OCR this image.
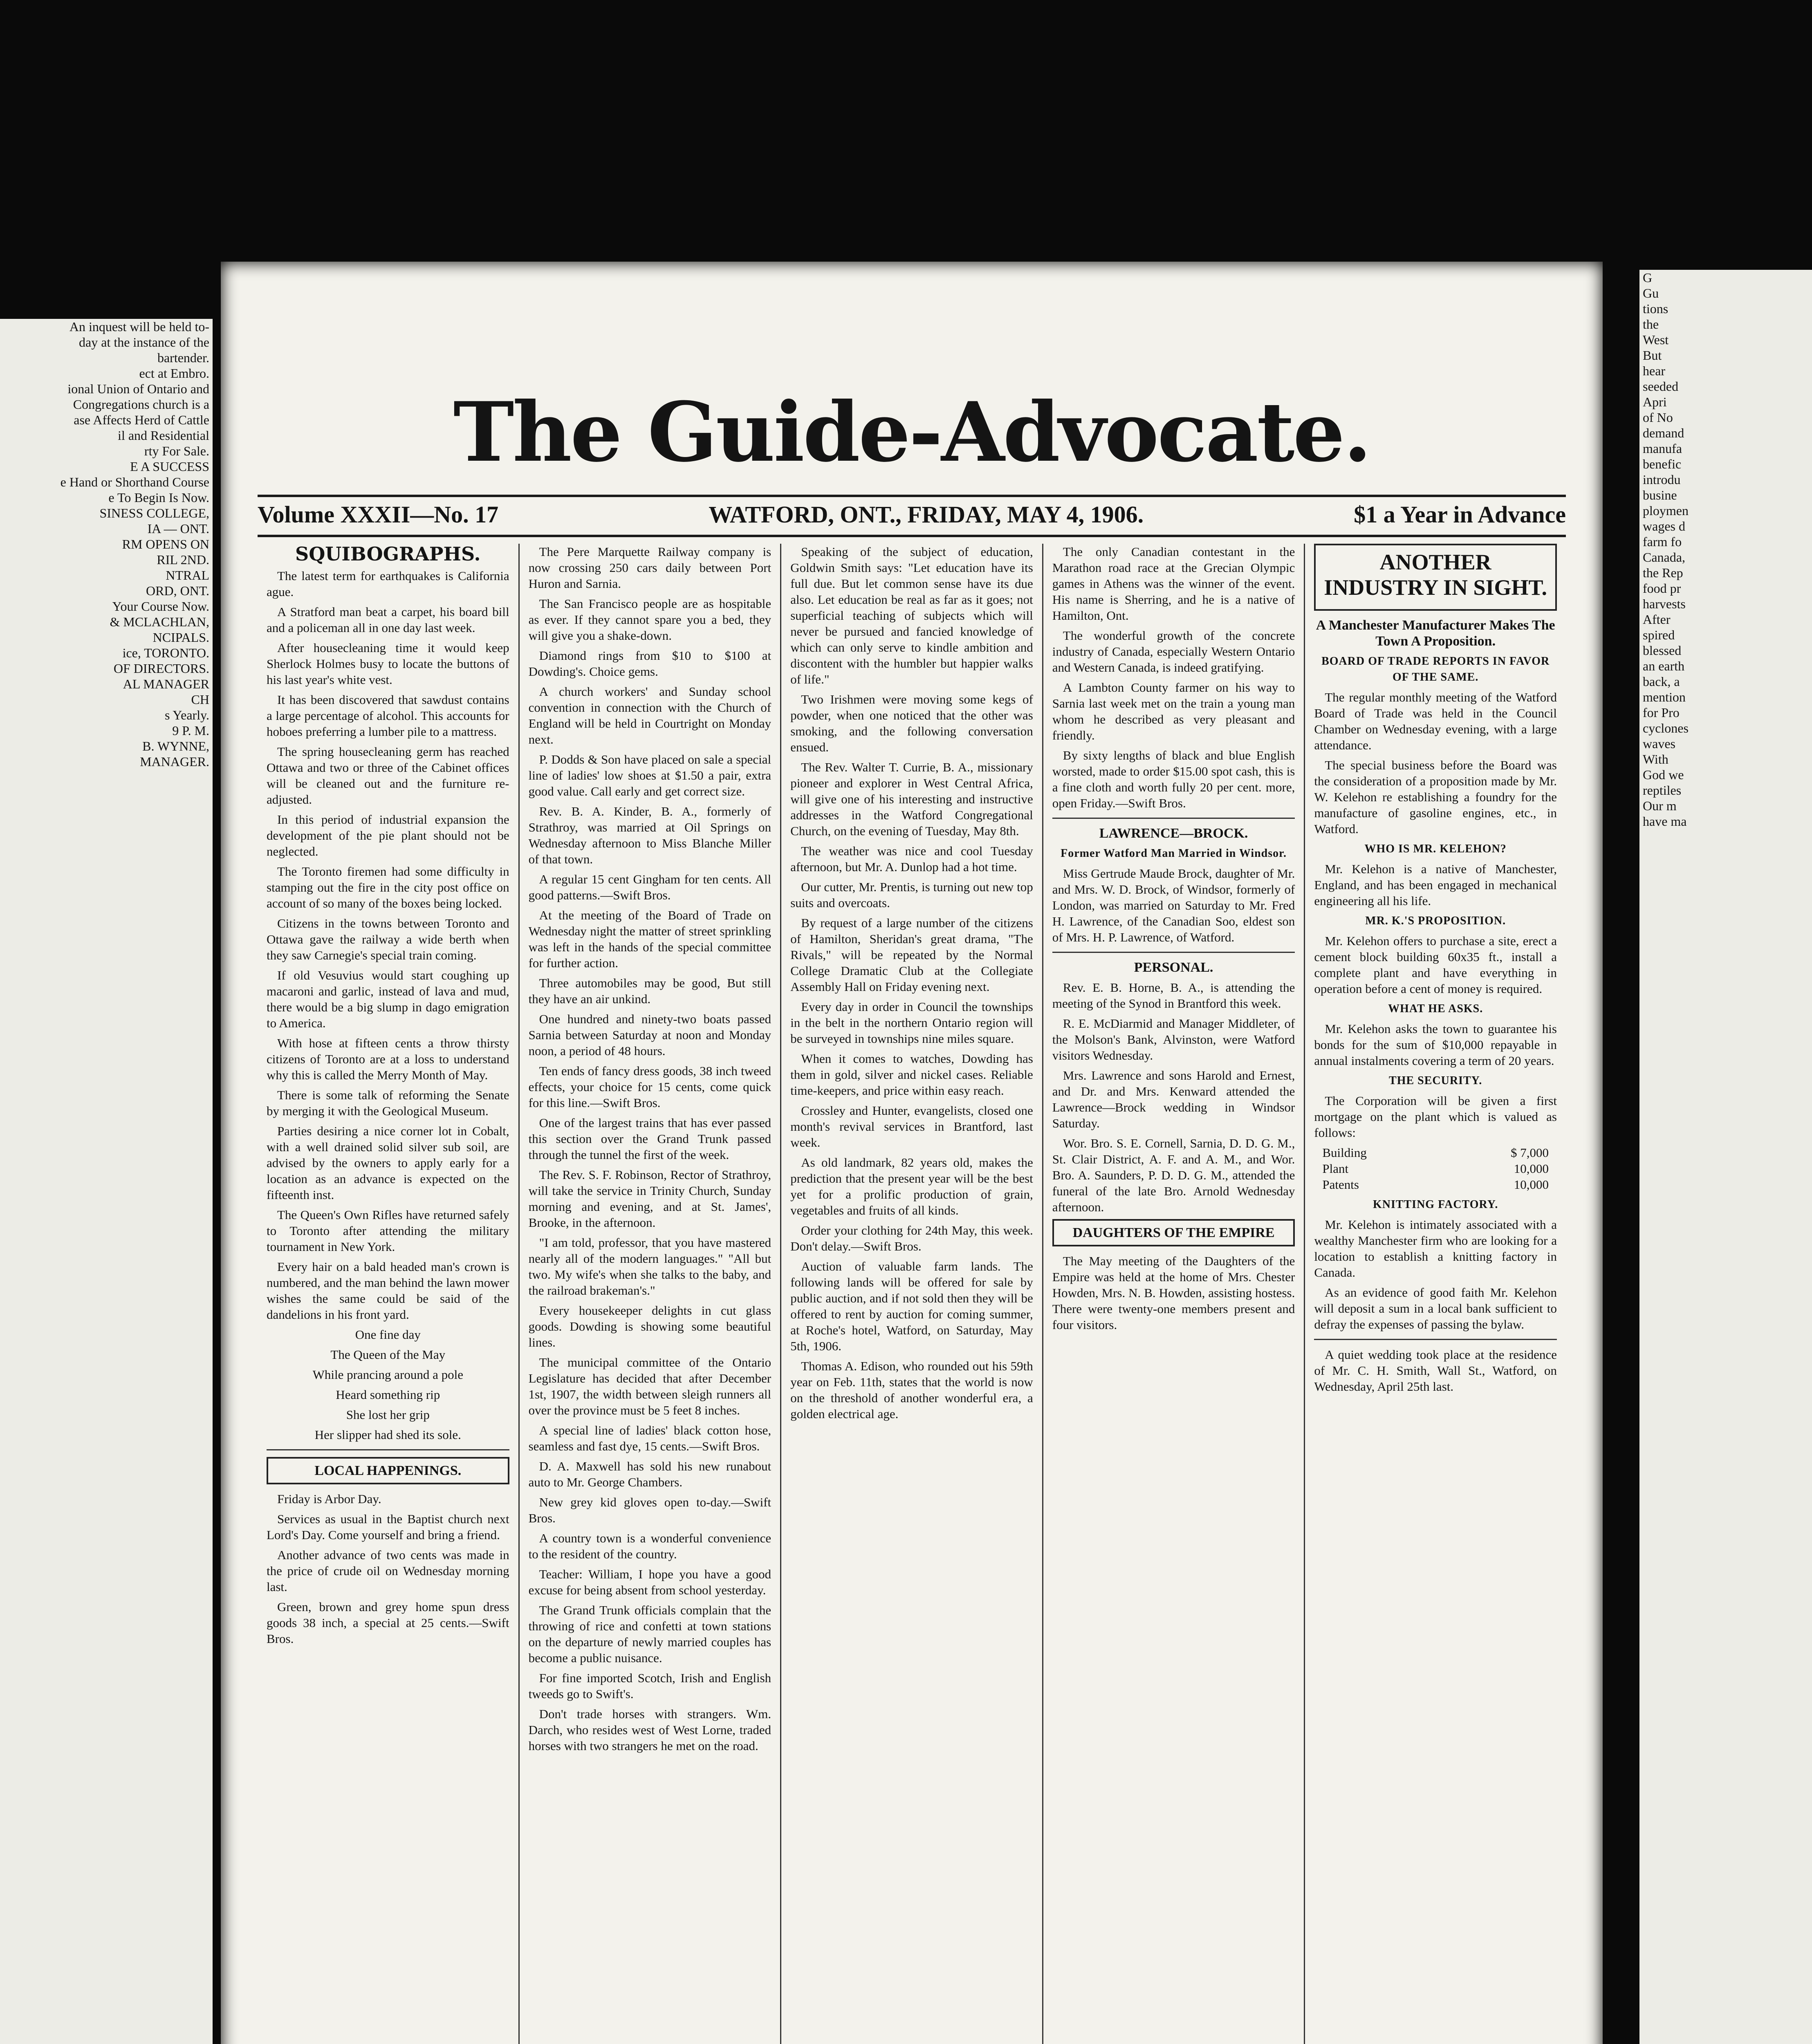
An inquest will be held to-

day at the instance of the

bartender.

ect at Embro.

ional Union of Ontario and

Congregations church is a

ase Affects Herd of Cattle

il and Residential

rty For Sale.

E A SUCCESS

e Hand or Shorthand Course

e To Begin Is Now.

SINESS COLLEGE,

IA — ONT.

RM OPENS ON

RIL 2ND.

NTRAL

ORD, ONT.

Your Course Now.

& MCLACHLAN,

NCIPALS.

ice, TORONTO.

OF DIRECTORS.

AL MANAGER

CH

s Yearly.

9 P. M.

B. WYNNE,

MANAGER.

The Guide-Advocate.
Volume XXXII—No. 17	WATFORD, ONT., FRIDAY, MAY 4, 1906.	$1 a Year in Advance
SQUIBOGRAPHS.

The latest term for earthquakes is California ague.

A Stratford man beat a carpet, his board bill and a policeman all in one day last week.

After housecleaning time it would keep Sherlock Holmes busy to locate the buttons of his last year's white vest.

It has been discovered that sawdust contains a large percentage of alcohol. This accounts for hoboes preferring a lumber pile to a mattress.

The spring housecleaning germ has reached Ottawa and two or three of the Cabinet offices will be cleaned out and the furniture re-adjusted.

In this period of industrial expansion the development of the pie plant should not be neglected.

The Toronto firemen had some difficulty in stamping out the fire in the city post office on account of so many of the boxes being locked.

Citizens in the towns between Toronto and Ottawa gave the railway a wide berth when they saw Carnegie's special train coming.

If old Vesuvius would start coughing up macaroni and garlic, instead of lava and mud, there would be a big slump in dago emigration to America.

With hose at fifteen cents a throw thirsty citizens of Toronto are at a loss to understand why this is called the Merry Month of May.

There is some talk of reforming the Senate by merging it with the Geological Museum.

Parties desiring a nice corner lot in Cobalt, with a well drained solid silver sub soil, are advised by the owners to apply early for a location as an advance is expected on the fifteenth inst.

The Queen's Own Rifles have returned safely to Toronto after attending the military tournament in New York.

Every hair on a bald headed man's crown is numbered, and the man behind the lawn mower wishes the same could be said of the dandelions in his front yard.

One fine day

The Queen of the May

While prancing around a pole

Heard something rip

She lost her grip

Her slipper had shed its sole.

LOCAL HAPPENINGS.

Friday is Arbor Day.

Services as usual in the Baptist church next Lord's Day. Come yourself and bring a friend.

Another advance of two cents was made in the price of crude oil on Wednesday morning last.

Green, brown and grey home spun dress goods 38 inch, a special at 25 cents.—Swift Bros.

The Pere Marquette Railway company is now crossing 250 cars daily between Port Huron and Sarnia.

The San Francisco people are as hospitable as ever. If they cannot spare you a bed, they will give you a shake-down.

Diamond rings from $10 to $100 at Dowding's. Choice gems.

A church workers' and Sunday school convention in connection with the Church of England will be held in Courtright on Monday next.

P. Dodds & Son have placed on sale a special line of ladies' low shoes at $1.50 a pair, extra good value. Call early and get correct size.

Rev. B. A. Kinder, B. A., formerly of Strathroy, was married at Oil Springs on Wednesday afternoon to Miss Blanche Miller of that town.

A regular 15 cent Gingham for ten cents. All good patterns.—Swift Bros.

At the meeting of the Board of Trade on Wednesday night the matter of street sprinkling was left in the hands of the special committee for further action.

Three automobiles may be good, But still they have an air unkind.

One hundred and ninety-two boats passed Sarnia between Saturday at noon and Monday noon, a period of 48 hours.

Ten ends of fancy dress goods, 38 inch tweed effects, your choice for 15 cents, come quick for this line.—Swift Bros.

One of the largest trains that has ever passed this section over the Grand Trunk passed through the tunnel the first of the week.

The Rev. S. F. Robinson, Rector of Strathroy, will take the service in Trinity Church, Sunday morning and evening, and at St. James', Brooke, in the afternoon.

"I am told, professor, that you have mastered nearly all of the modern languages." "All but two. My wife's when she talks to the baby, and the railroad brakeman's."

Every housekeeper delights in cut glass goods. Dowding is showing some beautiful lines.

The municipal committee of the Ontario Legislature has decided that after December 1st, 1907, the width between sleigh runners all over the province must be 5 feet 8 inches.

A special line of ladies' black cotton hose, seamless and fast dye, 15 cents.—Swift Bros.

D. A. Maxwell has sold his new runabout auto to Mr. George Chambers.

New grey kid gloves open to-day.—Swift Bros.

A country town is a wonderful convenience to the resident of the country.

Teacher: William, I hope you have a good excuse for being absent from school yesterday.

The Grand Trunk officials complain that the throwing of rice and confetti at town stations on the departure of newly married couples has become a public nuisance.

For fine imported Scotch, Irish and English tweeds go to Swift's.

Don't trade horses with strangers. Wm. Darch, who resides west of West Lorne, traded horses with two strangers he met on the road.

Speaking of the subject of education, Goldwin Smith says: "Let education have its full due. But let common sense have its due also. Let education be real as far as it goes; not superficial teaching of subjects which will never be pursued and fancied knowledge of which can only serve to kindle ambition and discontent with the humbler but happier walks of life."

Two Irishmen were moving some kegs of powder, when one noticed that the other was smoking, and the following conversation ensued.

The Rev. Walter T. Currie, B. A., missionary pioneer and explorer in West Central Africa, will give one of his interesting and instructive addresses in the Watford Congregational Church, on the evening of Tuesday, May 8th.

The weather was nice and cool Tuesday afternoon, but Mr. A. Dunlop had a hot time.

Our cutter, Mr. Prentis, is turning out new top suits and overcoats.

By request of a large number of the citizens of Hamilton, Sheridan's great drama, "The Rivals," will be repeated by the Normal College Dramatic Club at the Collegiate Assembly Hall on Friday evening next.

Every day in order in Council the townships in the belt in the northern Ontario region will be surveyed in townships nine miles square.

When it comes to watches, Dowding has them in gold, silver and nickel cases. Reliable time-keepers, and price within easy reach.

Crossley and Hunter, evangelists, closed one month's revival services in Brantford, last week.

As old landmark, 82 years old, makes the prediction that the present year will be the best yet for a prolific production of grain, vegetables and fruits of all kinds.

Order your clothing for 24th May, this week. Don't delay.—Swift Bros.

Auction of valuable farm lands. The following lands will be offered for sale by public auction, and if not sold then they will be offered to rent by auction for coming summer, at Roche's hotel, Watford, on Saturday, May 5th, 1906.

Thomas A. Edison, who rounded out his 59th year on Feb. 11th, states that the world is now on the threshold of another wonderful era, a golden electrical age.

The only Canadian contestant in the Marathon road race at the Grecian Olympic games in Athens was the winner of the event. His name is Sherring, and he is a native of Hamilton, Ont.

The wonderful growth of the concrete industry of Canada, especially Western Ontario and Western Canada, is indeed gratifying.

A Lambton County farmer on his way to Sarnia last week met on the train a young man whom he described as very pleasant and friendly.

By sixty lengths of black and blue English worsted, made to order $15.00 spot cash, this is a fine cloth and worth fully 20 per cent. more, open Friday.—Swift Bros.

LAWRENCE—BROCK.
Former Watford Man Married in Windsor.

Miss Gertrude Maude Brock, daughter of Mr. and Mrs. W. D. Brock, of Windsor, formerly of London, was married on Saturday to Mr. Fred H. Lawrence, of the Canadian Soo, eldest son of Mrs. H. P. Lawrence, of Watford.

PERSONAL.

Rev. E. B. Horne, B. A., is attending the meeting of the Synod in Brantford this week.

R. E. McDiarmid and Manager Middleter, of the Molson's Bank, Alvinston, were Watford visitors Wednesday.

Mrs. Lawrence and sons Harold and Ernest, and Dr. and Mrs. Kenward attended the Lawrence—Brock wedding in Windsor Saturday.

Wor. Bro. S. E. Cornell, Sarnia, D. D. G. M., St. Clair District, A. F. and A. M., and Wor. Bro. A. Saunders, P. D. D. G. M., attended the funeral of the late Bro. Arnold Wednesday afternoon.

DAUGHTERS OF THE EMPIRE

The May meeting of the Daughters of the Empire was held at the home of Mrs. Chester Howden, Mrs. N. B. Howden, assisting hostess. There were twenty-one members present and four visitors.

ANOTHER INDUSTRY IN SIGHT.
A Manchester Manufacturer Makes The Town A Proposition.
BOARD OF TRADE REPORTS IN FAVOR OF THE SAME.

The regular monthly meeting of the Watford Board of Trade was held in the Council Chamber on Wednesday evening, with a large attendance.

The special business before the Board was the consideration of a proposition made by Mr. W. Kelehon re establishing a foundry for the manufacture of gasoline engines, etc., in Watford.

WHO IS MR. KELEHON?

Mr. Kelehon is a native of Manchester, England, and has been engaged in mechanical engineering all his life.

MR. K.'S PROPOSITION.

Mr. Kelehon offers to purchase a site, erect a cement block building 60x35 ft., install a complete plant and have everything in operation before a cent of money is required.

WHAT HE ASKS.

Mr. Kelehon asks the town to guarantee his bonds for the sum of $10,000 repayable in annual instalments covering a term of 20 years.

THE SECURITY.

The Corporation will be given a first mortgage on the plant which is valued as follows:

Building	$ 7,000
Plant	10,000
Patents	10,000
KNITTING FACTORY.

Mr. Kelehon is intimately associated with a wealthy Manchester firm who are looking for a location to establish a knitting factory in Canada.

As an evidence of good faith Mr. Kelehon will deposit a sum in a local bank sufficient to defray the expenses of passing the bylaw.

A quiet wedding took place at the residence of Mr. C. H. Smith, Wall St., Watford, on Wednesday, April 25th last.

G

Gu

tions

the

West

But

hear

seeded

Apri

of No

demand

manufa

benefic

introdu

busine

ploymen

wages d

farm fo

Canada,

the Rep

food pr

harvests

After

spired

blessed

an earth

back, a

mention

for Pro

cyclones

waves

With

God we

reptiles

Our m

have ma
